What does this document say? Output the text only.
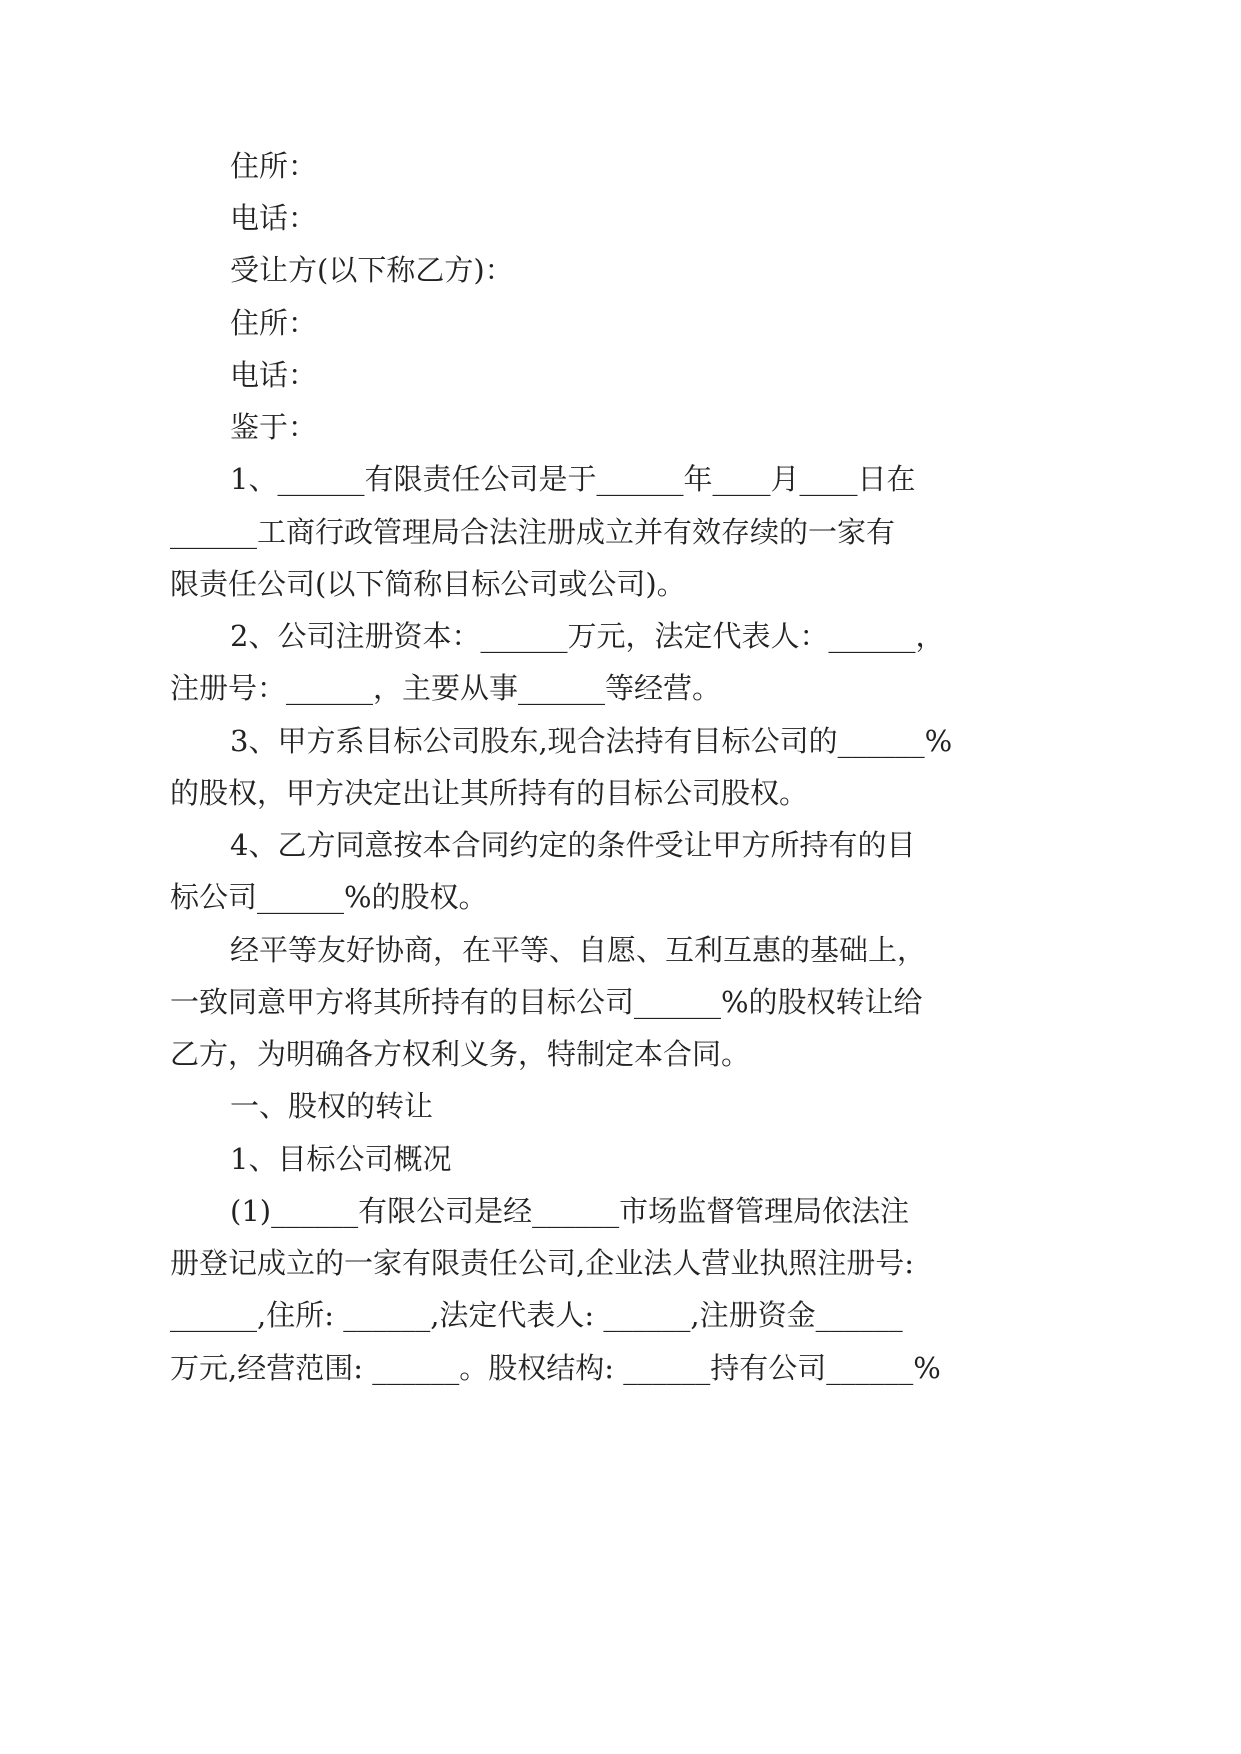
住所：
电话：
受让方(以下称乙方)：
住所：
电话：
鉴于：
1、______有限责任公司是于______年____月____日在
______工商行政管理局合法注册成立并有效存续的一家有
限责任公司(以下简称目标公司或公司)。
2、公司注册资本：______万元，法定代表人：______，
注册号：______，主要从事______等经营。
3、甲方系目标公司股东,现合法持有目标公司的______%
的股权，甲方决定出让其所持有的目标公司股权。
4、乙方同意按本合同约定的条件受让甲方所持有的目
标公司______%的股权。
经平等友好协商，在平等、自愿、互利互惠的基础上，
一致同意甲方将其所持有的目标公司______%的股权转让给
乙方，为明确各方权利义务，特制定本合同。
一、股权的转让
1、目标公司概况
(1)______有限公司是经______市场监督管理局依法注
册登记成立的一家有限责任公司,企业法人营业执照注册号:
______,住所: ______,法定代表人: ______,注册资金______
万元,经营范围: ______。股权结构: ______持有公司______%
